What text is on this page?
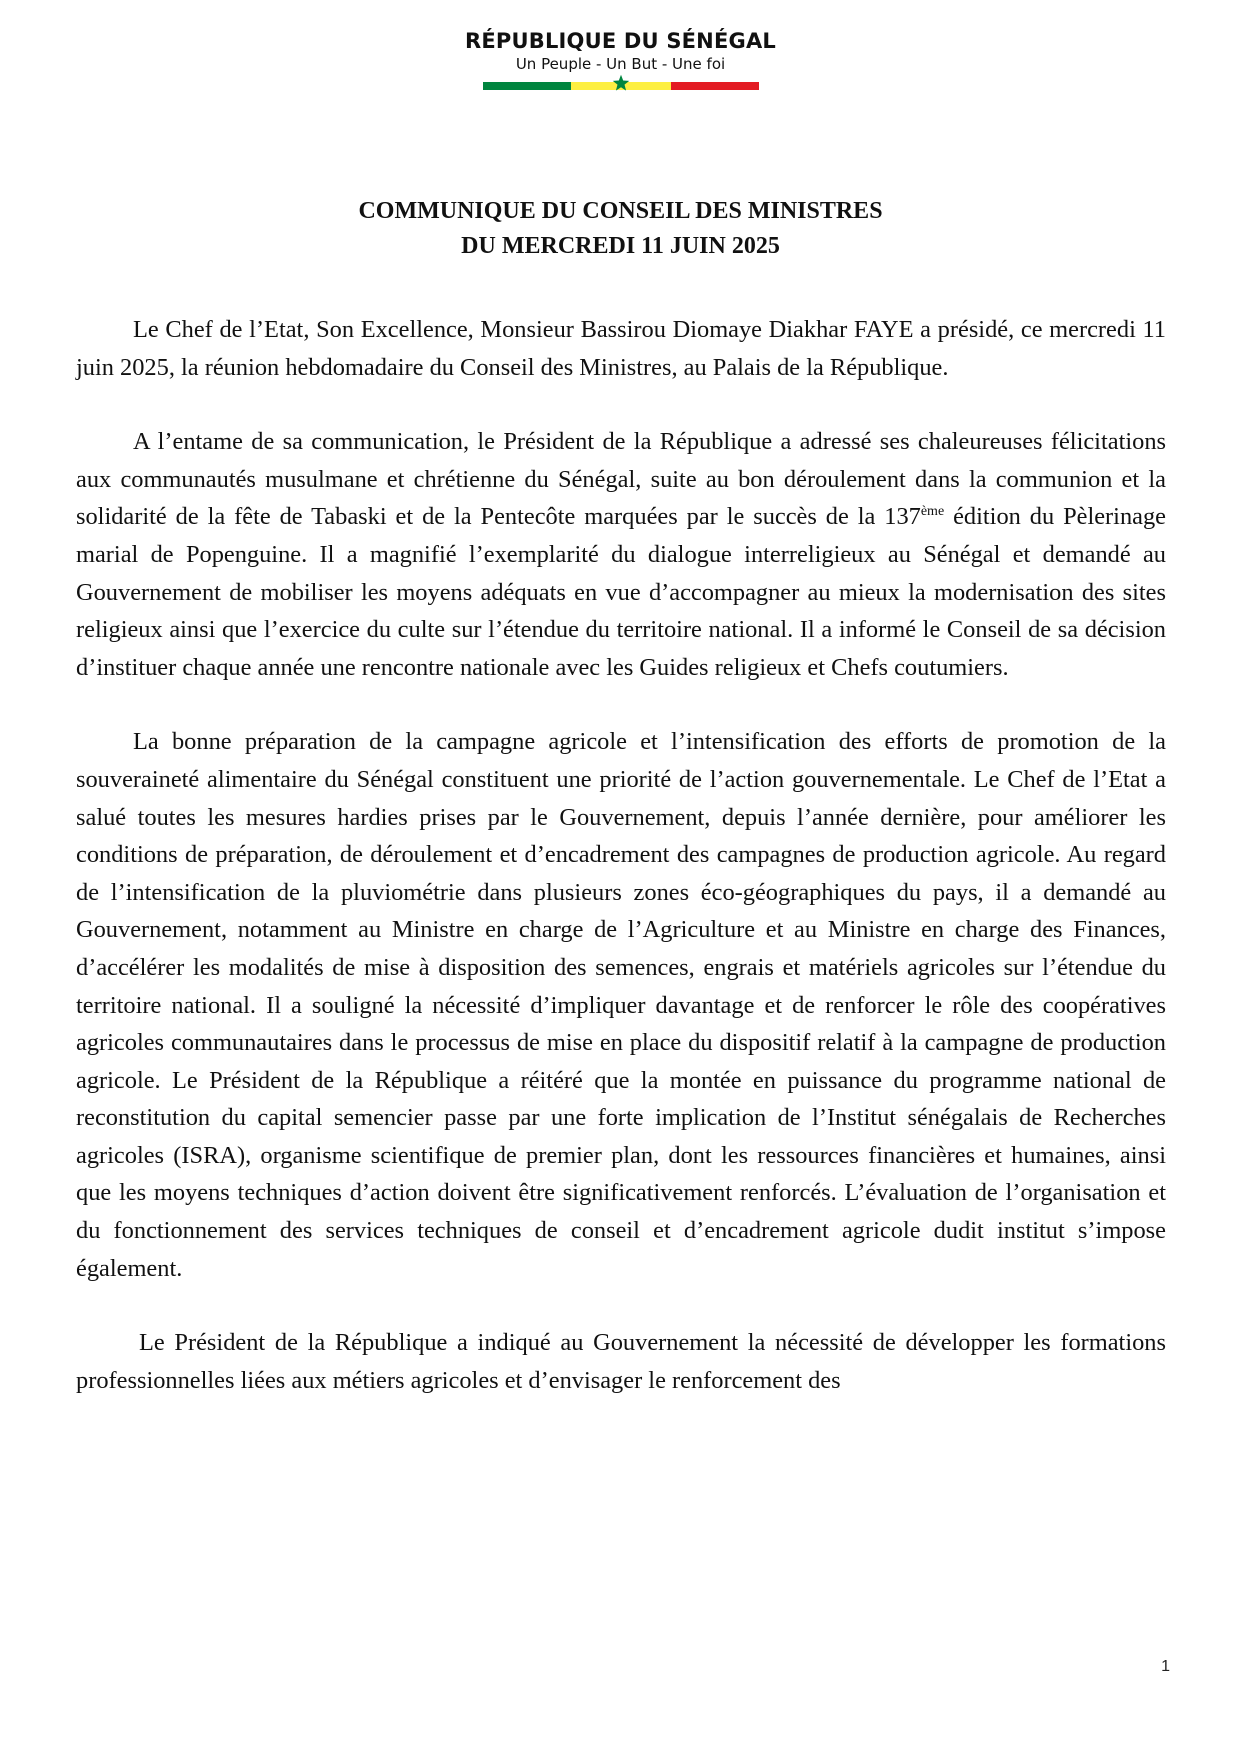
RÉPUBLIQUE DU SÉNÉGAL
Un Peuple - Un But - Une foi
COMMUNIQUE DU CONSEIL DES MINISTRES
DU MERCREDI 11 JUIN 2025

Le Chef de l’Etat, Son Excellence, Monsieur Bassirou Diomaye Diakhar FAYE a présidé, ce mercredi 11 juin 2025, la réunion hebdomadaire du Conseil des Ministres, au Palais de la République.

A l’entame de sa communication, le Président de la République a adressé ses chaleureuses félicitations aux communautés musulmane et chrétienne du Sénégal, suite au bon déroulement dans la communion et la solidarité de la fête de Tabaski et de la Pentecôte marquées par le succès de la 137ème édition du Pèlerinage marial de Popenguine. Il a magnifié l’exemplarité du dialogue interreligieux au Sénégal et demandé au Gouvernement de mobiliser les moyens adéquats en vue d’accompagner au mieux la modernisation des sites religieux ainsi que l’exercice du culte sur l’étendue du territoire national. Il a informé le Conseil de sa décision d’instituer chaque année une rencontre nationale avec les Guides religieux et Chefs coutumiers.

La bonne préparation de la campagne agricole et l’intensification des efforts de promotion de la souveraineté alimentaire du Sénégal constituent une priorité de l’action gouvernementale. Le Chef de l’Etat a salué toutes les mesures hardies prises par le Gouvernement, depuis l’année dernière, pour améliorer les conditions de préparation, de déroulement et d’encadrement des campagnes de production agricole. Au regard de l’intensification de la pluviométrie dans plusieurs zones éco-géographiques du pays, il a demandé au Gouvernement, notamment au Ministre en charge de l’Agriculture et au Ministre en charge des Finances, d’accélérer les modalités de mise à disposition des semences, engrais et matériels agricoles sur l’étendue du territoire national. Il a souligné la nécessité d’impliquer davantage et de renforcer le rôle des coopératives agricoles communautaires dans le processus de mise en place du dispositif relatif à la campagne de production agricole. Le Président de la République a réitéré que la montée en puissance du programme national de reconstitution du capital semencier passe par une forte implication de l’Institut sénégalais de Recherches agricoles (ISRA), organisme scientifique de premier plan, dont les ressources financières et humaines, ainsi que les moyens techniques d’action doivent être significativement renforcés. L’évaluation de l’organisation et du fonctionnement des services techniques de conseil et d’encadrement agricole dudit institut s’impose également.

Le Président de la République a indiqué au Gouvernement la nécessité de développer les formations professionnelles liées aux métiers agricoles et d’envisager le renforcement des

1
